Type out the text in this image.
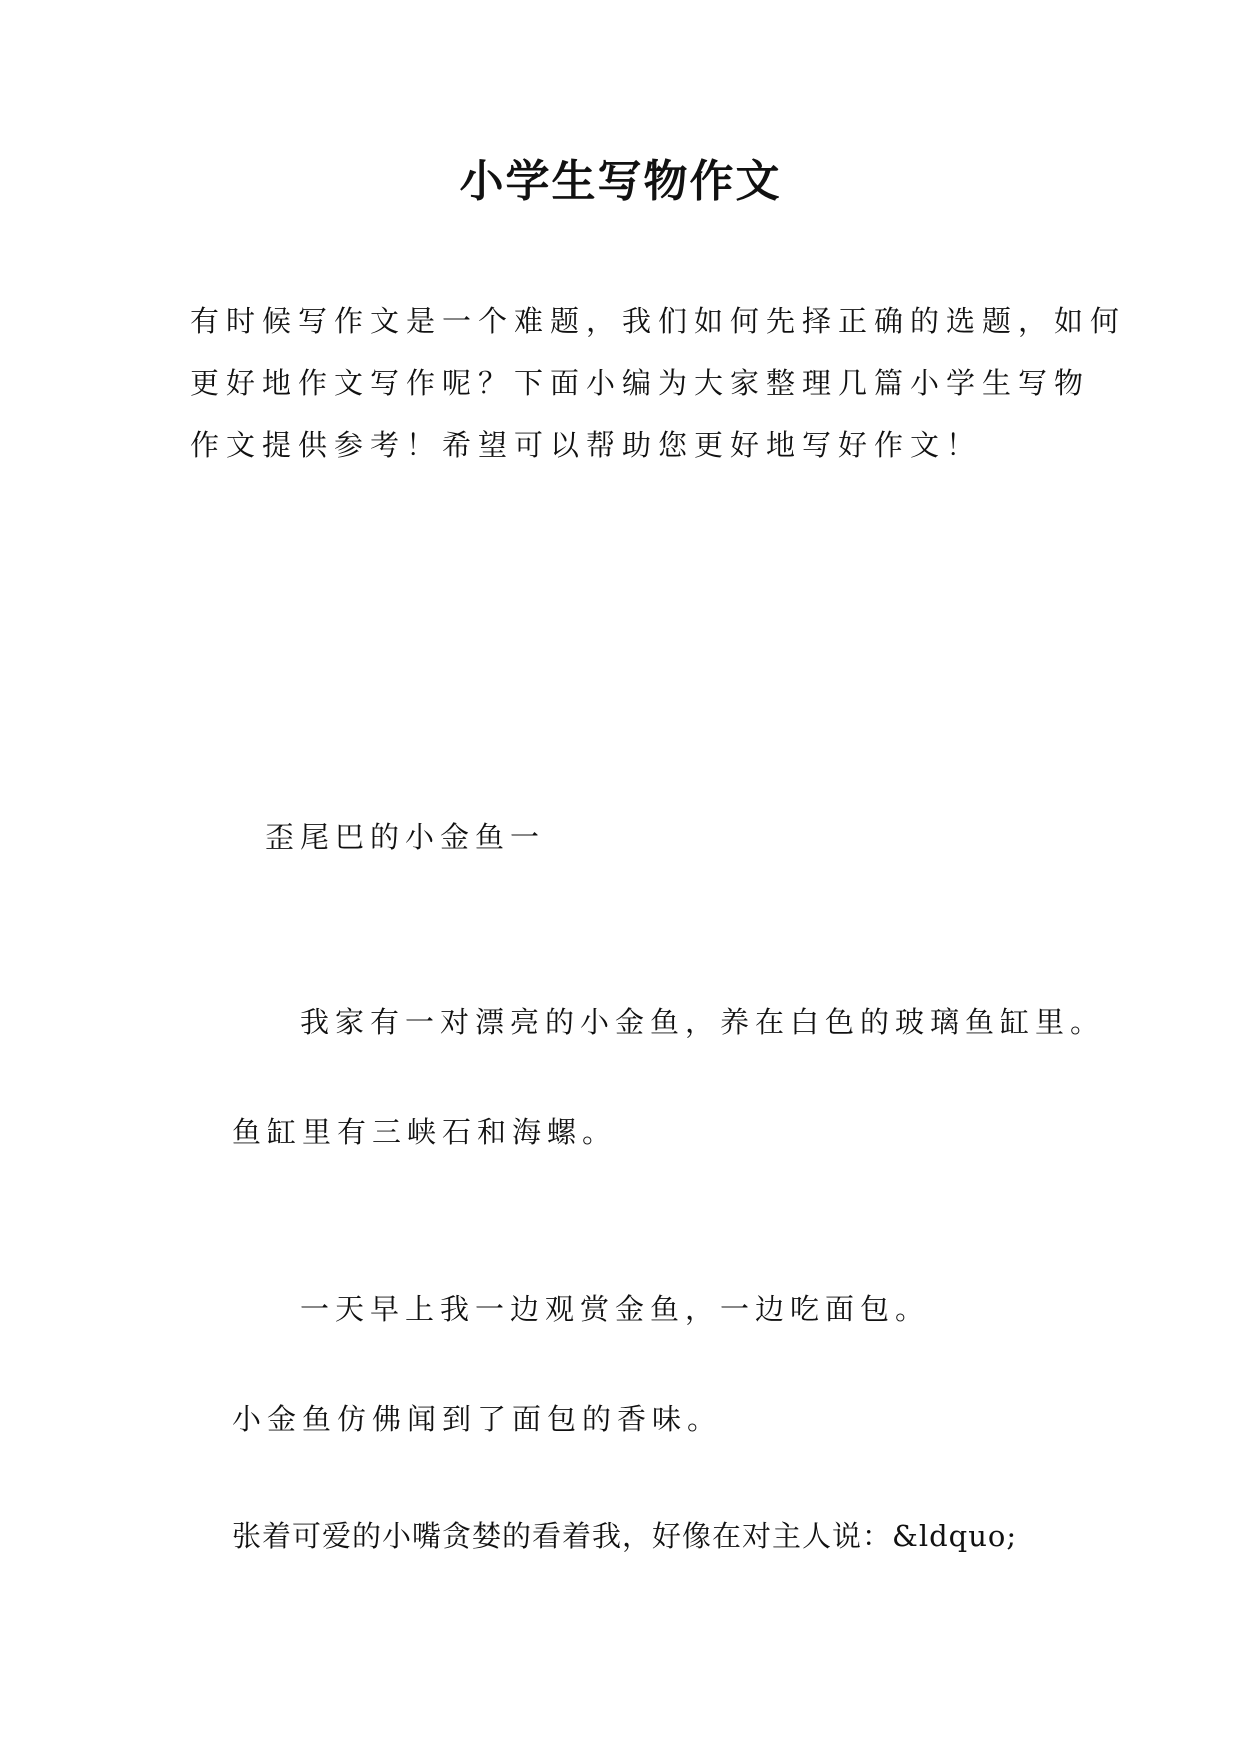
小学生写物作文

有时候写作文是一个难题，我们如何先择正确的选题，如何
更好地作文写作呢？下面小编为大家整理几篇小学生写物
作文提供参考！希望可以帮助您更好地写好作文！

歪尾巴的小金鱼一
我家有一对漂亮的小金鱼，养在白色的玻璃鱼缸里。
鱼缸里有三峡石和海螺。
一天早上我一边观赏金鱼，一边吃面包。
小金鱼仿佛闻到了面包的香味。
张着可爱的小嘴贪婪的看着我，好像在对主人说：&ldquo;
